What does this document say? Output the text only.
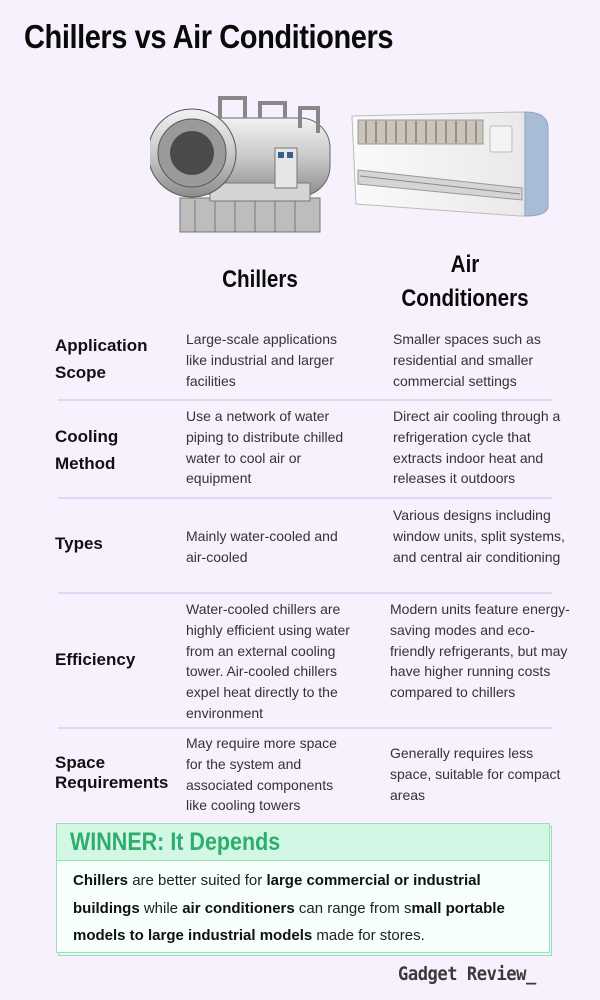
Chillers vs Air Conditioners
Chillers
Air
Conditioners
Application
Scope
Large-scale applications like industrial and larger facilities
Smaller spaces such as residential and smaller commercial settings
Cooling
Method
Use a network of water piping to distribute chilled water to cool air or equipment
Direct air cooling through a refrigeration cycle that extracts indoor heat and releases it outdoors
Types	Mainly water-cooled and air-cooled
Various designs including window units, split systems, and central air conditioning
Efficiency
Water-cooled chillers are highly efficient using water from an external cooling tower. Air-cooled chillers expel heat directly to the environment
Modern units feature energy-saving modes and eco-friendly refrigerants, but may have higher running costs compared to chillers
Space
Requirements
May require more space for the system and associated components like cooling towers
Generally requires less space, suitable for compact areas
WINNER: It Depends
Chillers are better suited for large commercial or industrial buildings while air conditioners can range from small portable models to large industrial models made for stores.
Gadget Review_
